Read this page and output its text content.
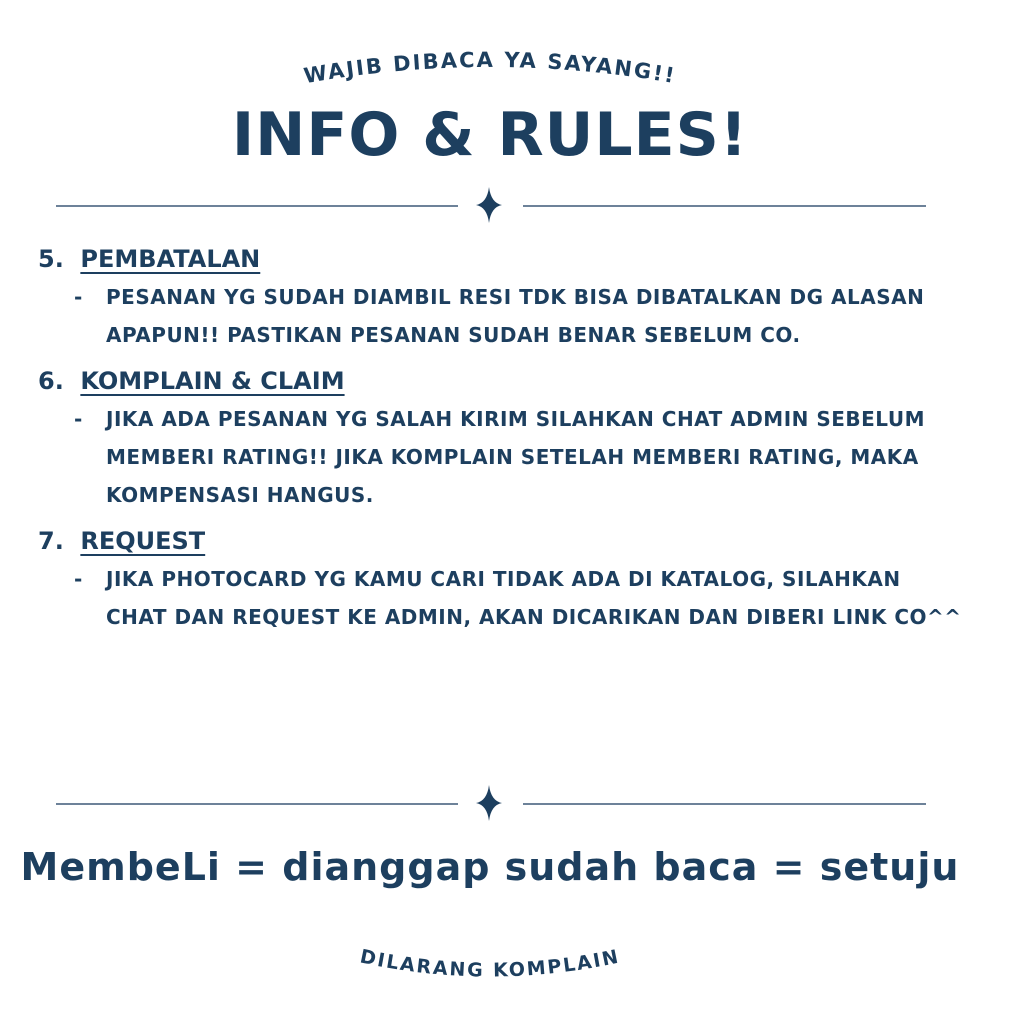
WAJIB DIBACA YA SAYANG!!
INFO & RULES!
5. PEMBATALAN
- PESANAN YG SUDAH DIAMBIL RESI TDK BISA DIBATALKAN DG ALASAN APAPUN!! PASTIKAN PESANAN SUDAH BENAR SEBELUM CO.
6. KOMPLAIN & CLAIM
- JIKA ADA PESANAN YG SALAH KIRIM SILAHKAN CHAT ADMIN SEBELUM MEMBERI RATING!! JIKA KOMPLAIN SETELAH MEMBERI RATING, MAKA KOMPENSASI HANGUS.
7. REQUEST
- JIKA PHOTOCARD YG KAMU CARI TIDAK ADA DI KATALOG, SILAHKAN CHAT DAN REQUEST KE ADMIN, AKAN DICARIKAN DAN DIBERI LINK CO^^
MembeLi = dianggap sudah baca = setuju
DILARANG KOMPLAIN
